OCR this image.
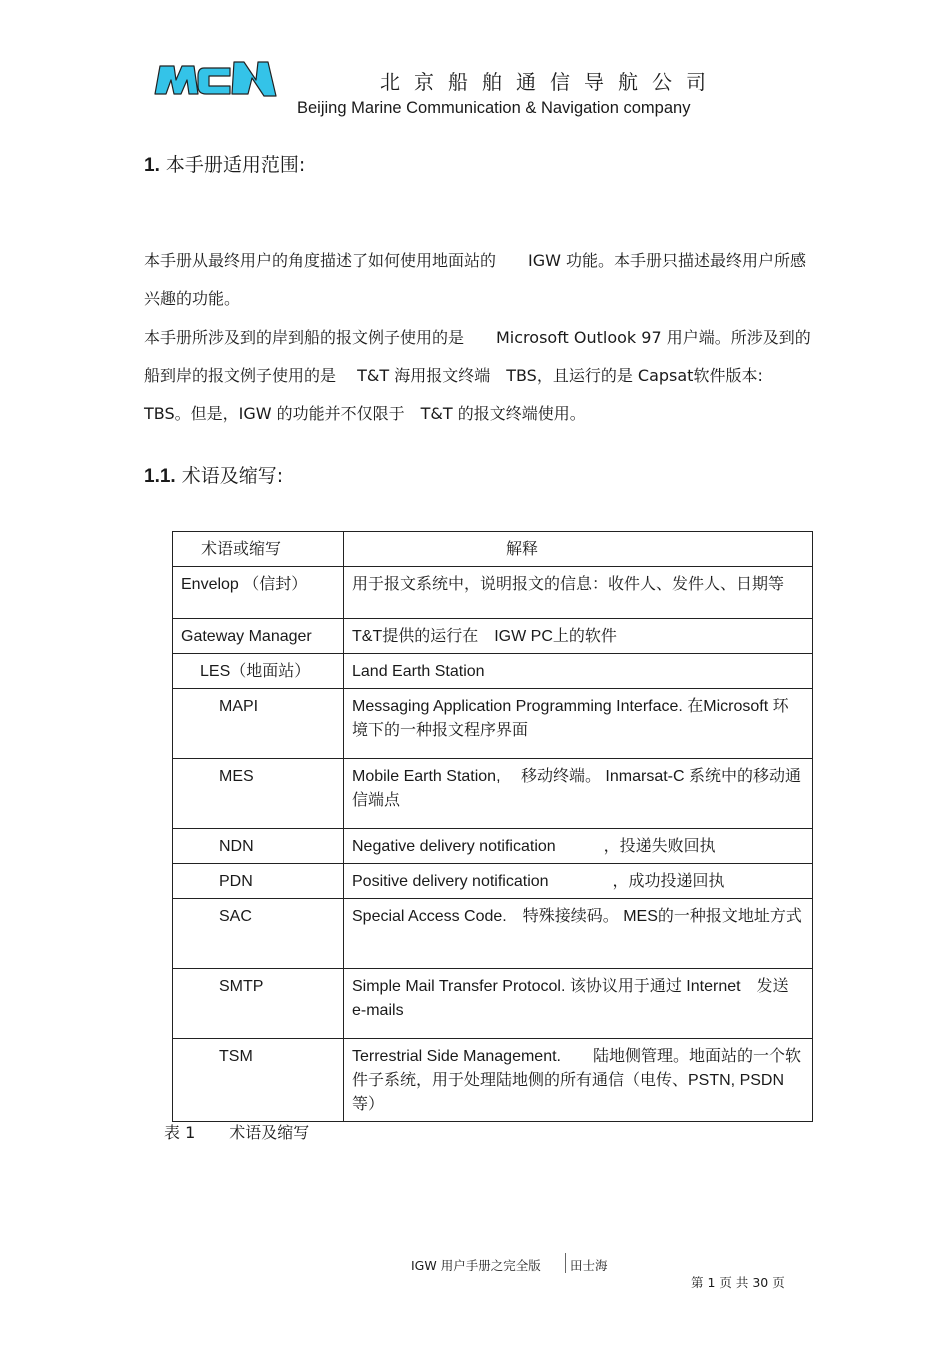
北京船舶通信导航公司
Beijing Marine Communication & Navigation company
1. 本手册适用范围:

本手册从最终用户的角度描述了如何使用地面站的　　IGW 功能。本手册只描述最终用户所感兴趣的功能。

本手册所涉及到的岸到船的报文例子使用的是　　Microsoft Outlook 97 用户端。所涉及到的船到岸的报文例子使用的是　 T&T 海用报文终端　TBS，且运行的是 Capsat软件版本:　TBS。但是，IGW 的功能并不仅限于　T&T 的报文终端使用。

1.1. 术语及缩写:
术语或缩写	解释
Envelop （信封）	用于报文系统中，说明报文的信息：收件人、发件人、日期等
Gateway Manager	T&T提供的运行在　IGW PC上的软件
LES（地面站）	Land Earth Station
MAPI	Messaging Application Programming Interface. 在Microsoft 环境下的一种报文程序界面
MES	Mobile Earth Station, 　移动终端。 Inmarsat-C 系统中的移动通信端点
NDN	Negative delivery notification　　　，投递失败回执
PDN	Positive delivery notification　　　　，成功投递回执
SAC	Special Access Code.　特殊接续码。 MES的一种报文地址方式
SMTP	Simple Mail Transfer Protocol. 该协议用于通过 Internet　发送 e-mails
TSM	Terrestrial Side Management.　　陆地侧管理。地面站的一个软件子系统，用于处理陆地侧的所有通信（电传、PSTN, PSDN等）
表 1 术语及缩写
IGW 用户手册之完全版 田士海
第 1 页 共 30 页
